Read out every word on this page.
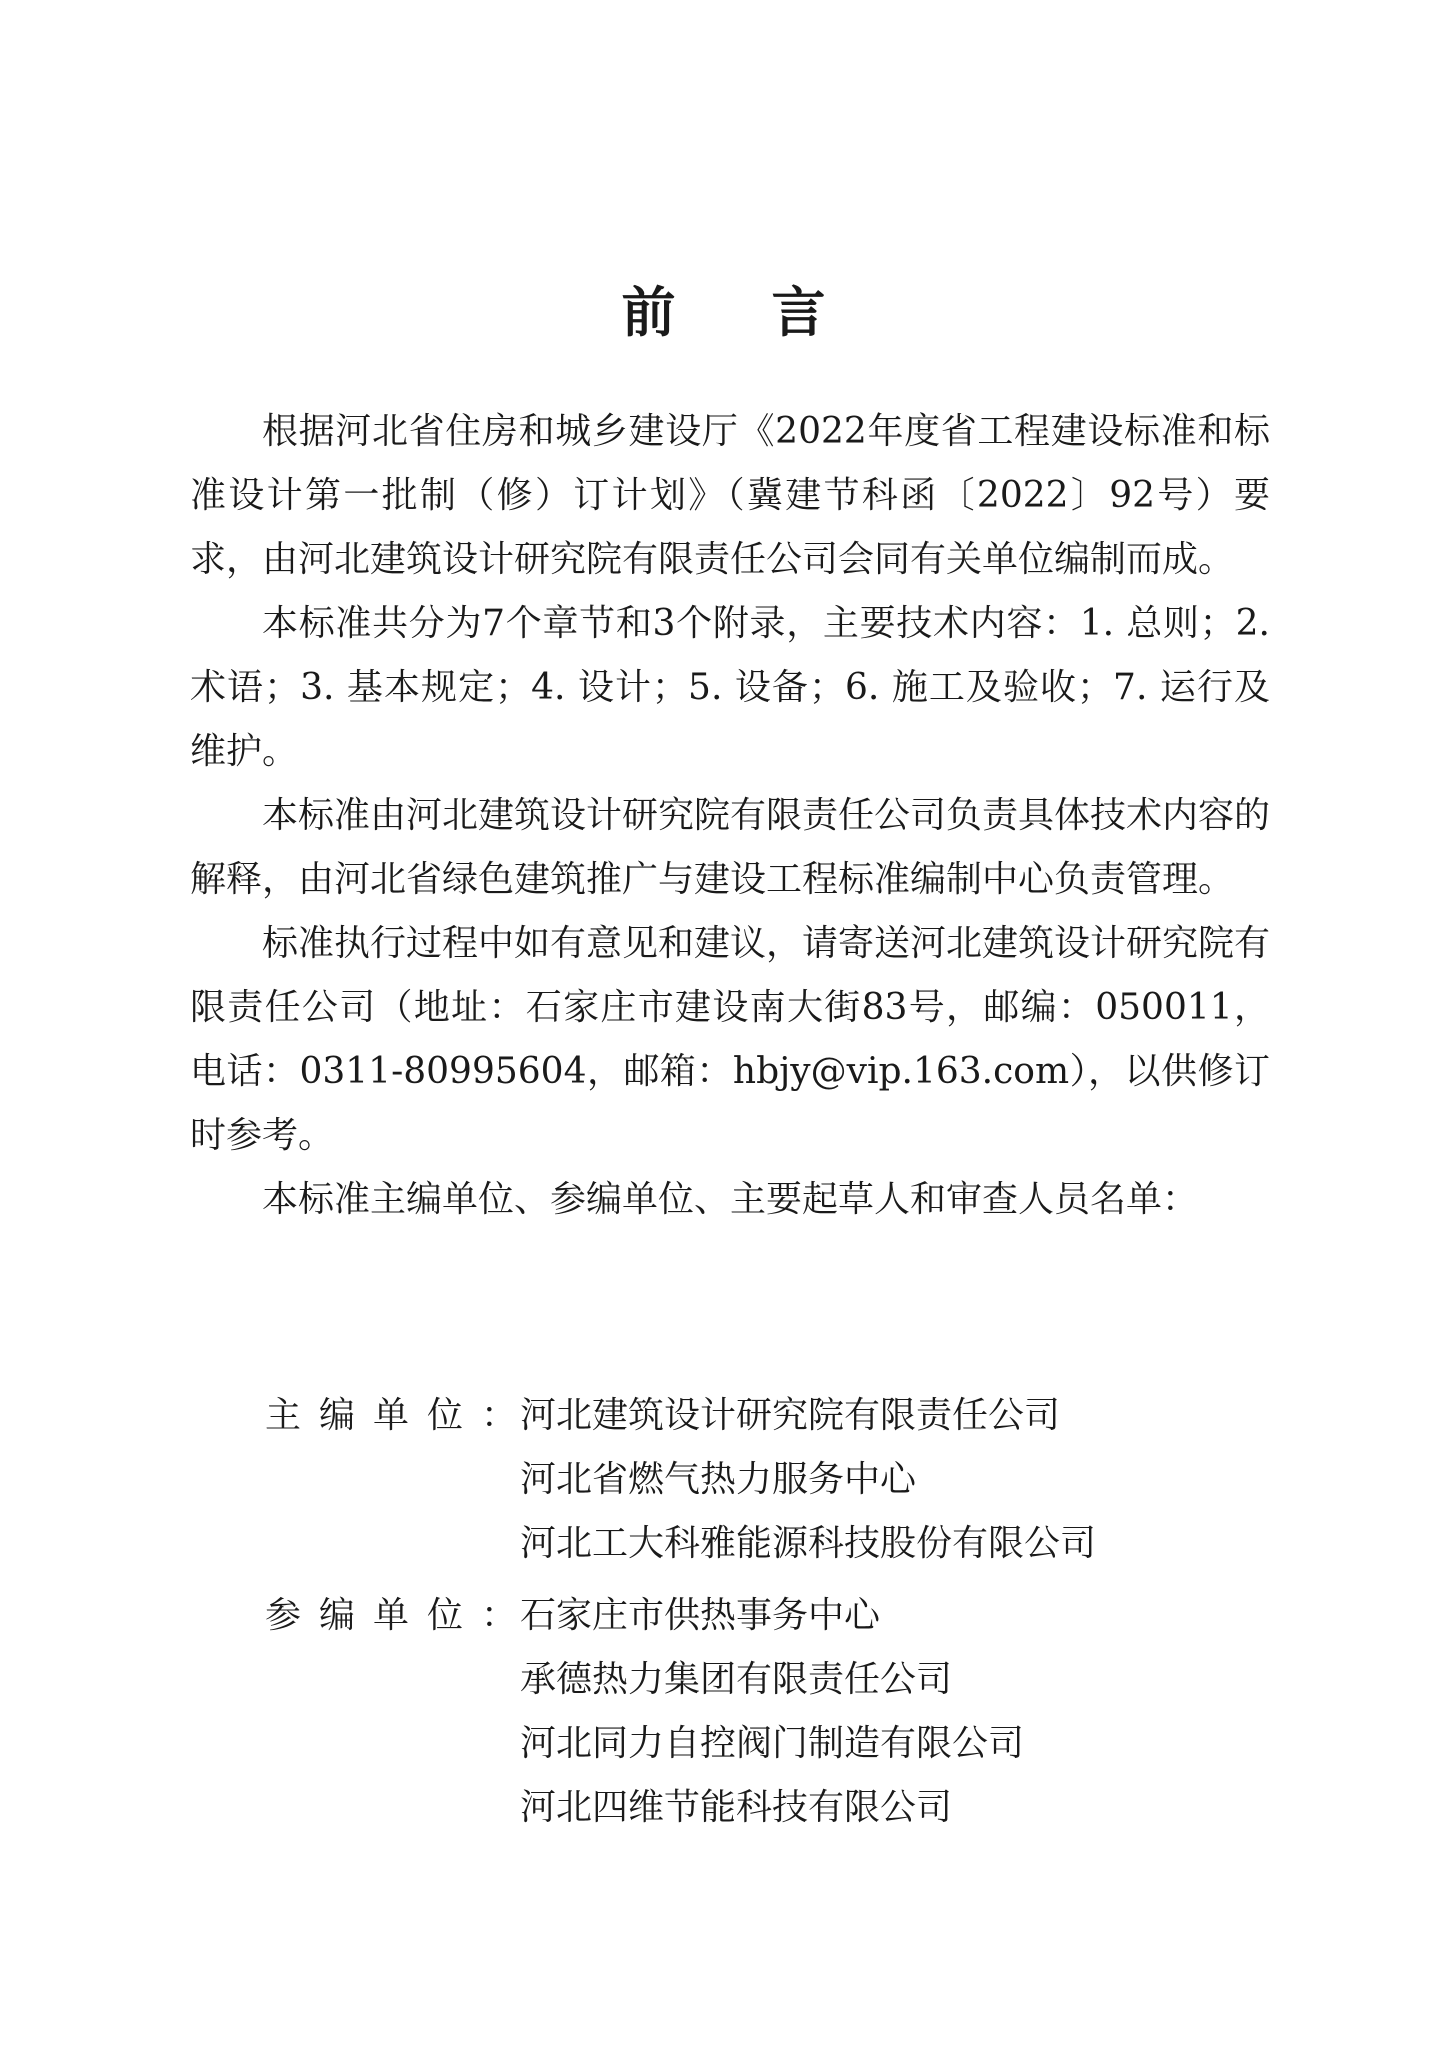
前言

根据河北省住房和城乡建设厅《2022年度省工程建设标准和标准设计第一批制（修）订计划》（冀建节科函〔2022〕92号）要求，由河北建筑设计研究院有限责任公司会同有关单位编制而成。

本标准共分为7个章节和3个附录，主要技术内容：1. 总则；2. 术语；3. 基本规定；4. 设计；5. 设备；6. 施工及验收；7. 运行及维护。

本标准由河北建筑设计研究院有限责任公司负责具体技术内容的解释，由河北省绿色建筑推广与建设工程标准编制中心负责管理。

标准执行过程中如有意见和建议，请寄送河北建筑设计研究院有限责任公司（地址：石家庄市建设南大街83号，邮编：050011，电话：0311-80995604，邮箱：hbjy@vip.163.com），以供修订时参考。

本标准主编单位、参编单位、主要起草人和审查人员名单：

主编单位：
河北建筑设计研究院有限责任公司
河北省燃气热力服务中心
河北工大科雅能源科技股份有限公司
参编单位：
石家庄市供热事务中心
承德热力集团有限责任公司
河北同力自控阀门制造有限公司
河北四维节能科技有限公司
